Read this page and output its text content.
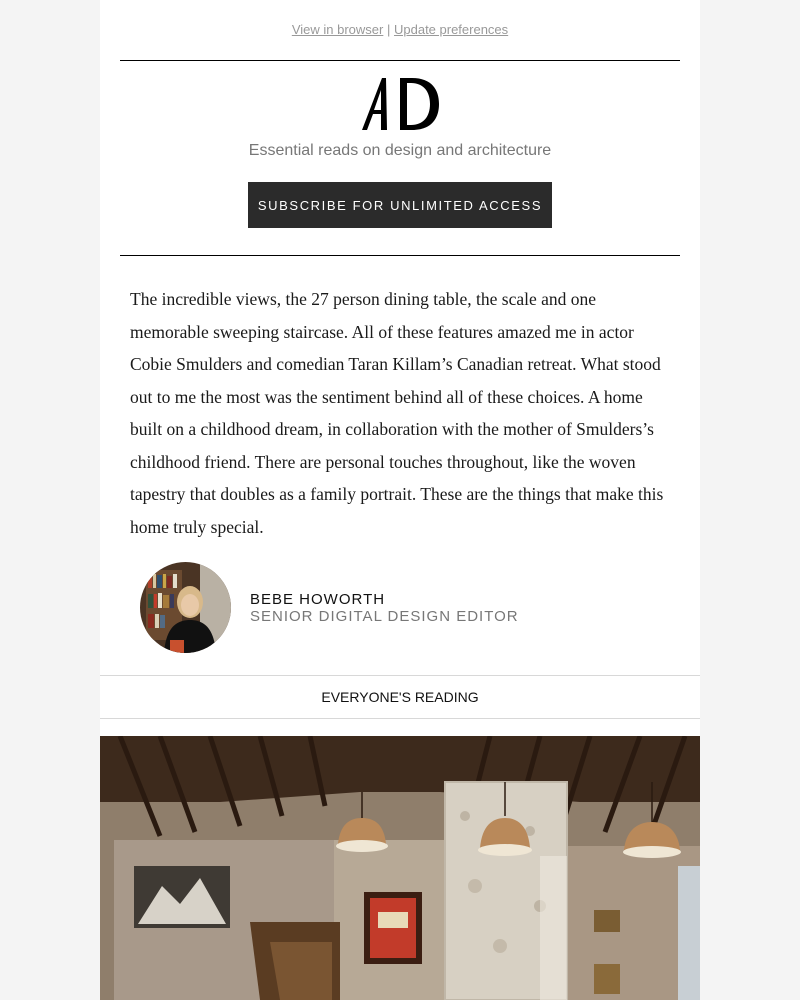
View in browser | Update preferences
Essential reads on design and architecture
SUBSCRIBE FOR UNLIMITED ACCESS

The incredible views, the 27 person dining table, the scale and one memorable sweeping staircase. All of these features amazed me in actor Cobie Smulders and comedian Taran Killam’s Canadian retreat. What stood out to me the most was the sentiment behind all of these choices. A home built on a childhood dream, in collaboration with the mother of Smulders’s childhood friend. There are personal touches throughout, like the woven tapestry that doubles as a family portrait. These are the things that make this home truly special.

BEBE HOWORTH
SENIOR DIGITAL DESIGN EDITOR
EVERYONE'S READING
